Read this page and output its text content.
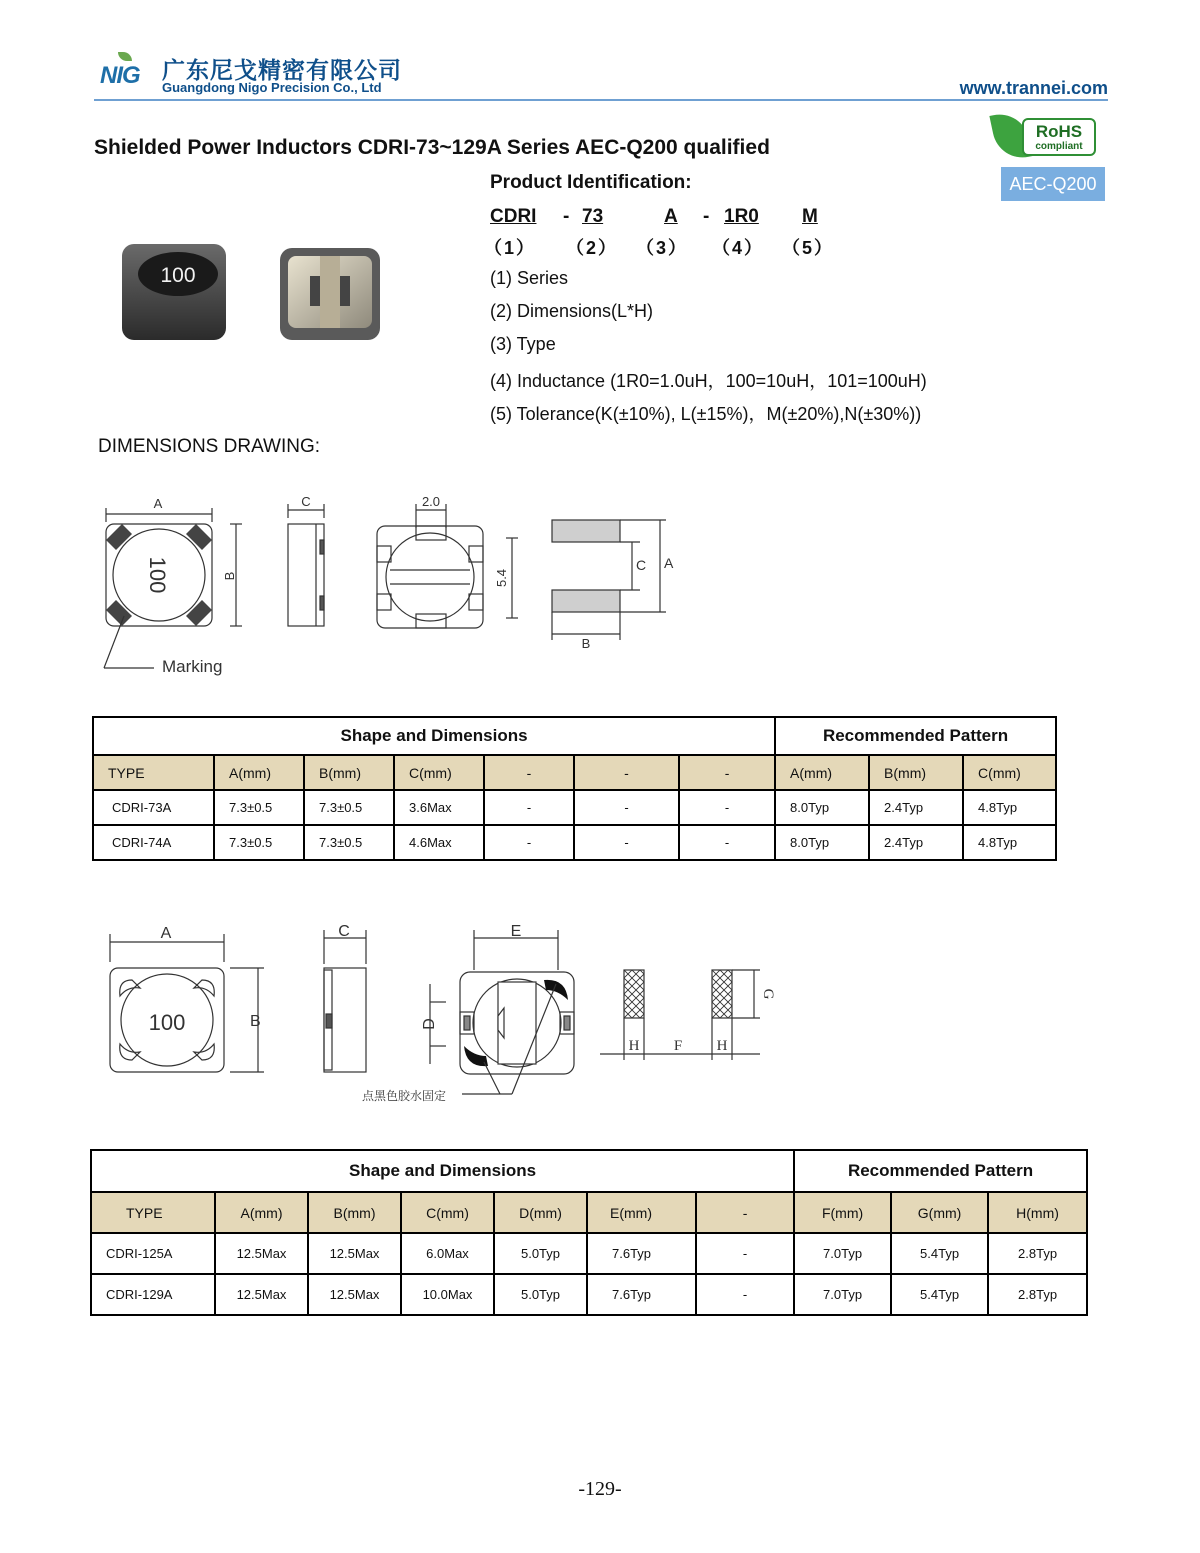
NIG 广东尼戈精密有限公司
Guangdong Nigo Precision Co., Ltd	www.trannei.com
RoHS
compliant
AEC-Q200
Shielded Power Inductors CDRI-73~129A Series AEC-Q200 qualified
Product Identification:
CDRI - 73	A - 1R0 M
（1） （2） （3） （4） （5）
(1) Series
(2) Dimensions(L*H)
(3) Type
(4) Inductance (1R0=1.0uH，100=10uH，101=100uH)
(5) Tolerance(K(±10%), L(±15%)，M(±20%),N(±30%))
100
DIMENSIONS DRAWING:
A
100	B
Marking
C	2.0
5.4
C A
B
Shape and Dimensions							Recommended Pattern		
TYPE	A(mm)	B(mm)	C(mm)	-	-	-	A(mm)	B(mm)	C(mm)
CDRI-73A	7.3±0.5	7.3±0.5	3.6Max	-	-	-	8.0Typ	2.4Typ	4.8Typ
CDRI-74A	7.3±0.5	7.3±0.5	4.6Max	-	-	-	8.0Typ	2.4Typ	4.8Typ
A
100	B
C	E
D
点黑色胶水固定
G
H F H
Shape and Dimensions							Recommended Pattern		
TYPE	A(mm)	B(mm)	C(mm)	D(mm)	E(mm)	-	F(mm)	G(mm)	H(mm)
CDRI-125A	12.5Max	12.5Max	6.0Max	5.0Typ	7.6Typ	-	7.0Typ	5.4Typ	2.8Typ
CDRI-129A	12.5Max	12.5Max	10.0Max	5.0Typ	7.6Typ	-	7.0Typ	5.4Typ	2.8Typ
-129-
